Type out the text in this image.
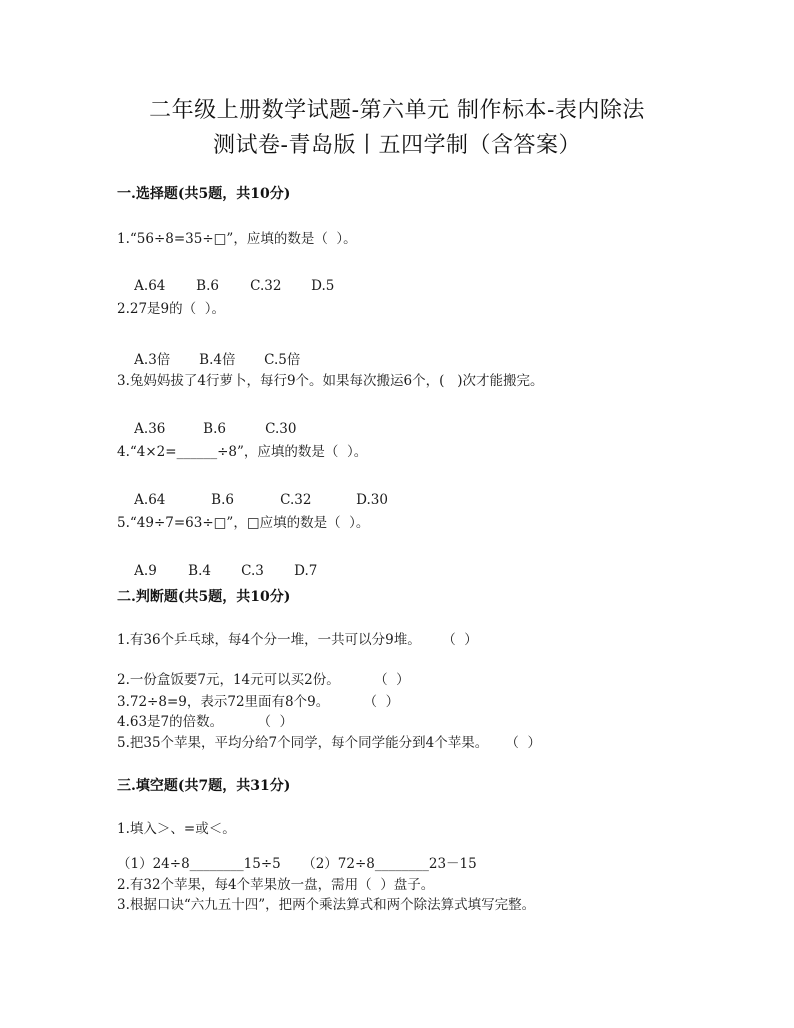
二年级上册数学试题-第六单元 制作标本-表内除法
测试卷-青岛版丨五四学制（含答案）
一.选择题(共5题，共10分)
1.“56÷8=35÷□”，应填的数是（  ）。

A.64 B.6 C.32 D.5

2.27是9的（  ）。

A.3倍 B.4倍 C.5倍

3.兔妈妈拔了4行萝卜，每行9个。如果每次搬运6个，(   )次才能搬完。

A.36	B.6	C.30

4.“4×2=______÷8”，应填的数是（  ）。

A.64	B.6	C.32	D.30

5.“49÷7=63÷□”，□应填的数是（  ）。

A.9 B.4 C.3 D.7

二.判断题(共5题，共10分)
1.有36个乒乓球，每4个分一堆，一共可以分9堆。     （  ）
2.一份盒饭要7元，14元可以买2份。        （  ）
3.72÷8=9，表示72里面有8个9。        （  ）
4.63是7的倍数。        （  ）
5.把35个苹果，平均分给7个同学，每个同学能分到4个苹果。    （  ）
三.填空题(共7题，共31分)
1.填入＞、=或＜。
（1）24÷8________15÷5     （2）72÷8________23－15
2.有32个苹果，每4个苹果放一盘，需用（  ）盘子。
3.根据口诀“六九五十四”，把两个乘法算式和两个除法算式填写完整。
